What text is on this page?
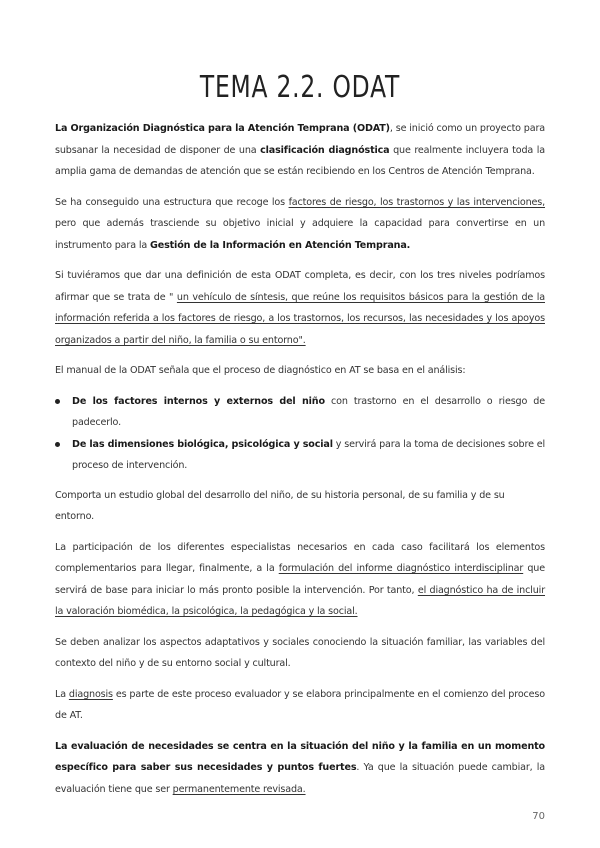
TEMA 2.2. ODAT

La Organización Diagnóstica para la Atención Temprana (ODAT), se inició como un proyecto para subsanar la necesidad de disponer de una clasificación diagnóstica que realmente incluyera toda la amplia gama de demandas de atención que se están recibiendo en los Centros de Atención Temprana.

Se ha conseguido una estructura que recoge los factores de riesgo, los trastornos y las intervenciones, pero que además trasciende su objetivo inicial y adquiere la capacidad para convertirse en un instrumento para la Gestión de la Información en Atención Temprana.

Si tuviéramos que dar una definición de esta ODAT completa, es decir, con los tres niveles podríamos afirmar que se trata de " un vehículo de síntesis, que reúne los requisitos básicos para la gestión de la información referida a los factores de riesgo, a los trastornos, los recursos, las necesidades y los apoyos organizados a partir del niño, la familia o su entorno".

El manual de la ODAT señala que el proceso de diagnóstico en AT se basa en el análisis:

De los factores internos y externos del niño con trastorno en el desarrollo o riesgo de padecerlo.
De las dimensiones biológica, psicológica y social y servirá para la toma de decisiones sobre el proceso de intervención.

Comporta un estudio global del desarrollo del niño, de su historia personal, de su familia y de su entorno.

La participación de los diferentes especialistas necesarios en cada caso facilitará los elementos complementarios para llegar, finalmente, a la formulación del informe diagnóstico interdisciplinar que servirá de base para iniciar lo más pronto posible la intervención. Por tanto, el diagnóstico ha de incluir la valoración biomédica, la psicológica, la pedagógica y la social.

Se deben analizar los aspectos adaptativos y sociales conociendo la situación familiar, las variables del contexto del niño y de su entorno social y cultural.

La diagnosis es parte de este proceso evaluador y se elabora principalmente en el comienzo del proceso de AT.

La evaluación de necesidades se centra en la situación del niño y la familia en un momento específico para saber sus necesidades y puntos fuertes. Ya que la situación puede cambiar, la evaluación tiene que ser permanentemente revisada.

70
